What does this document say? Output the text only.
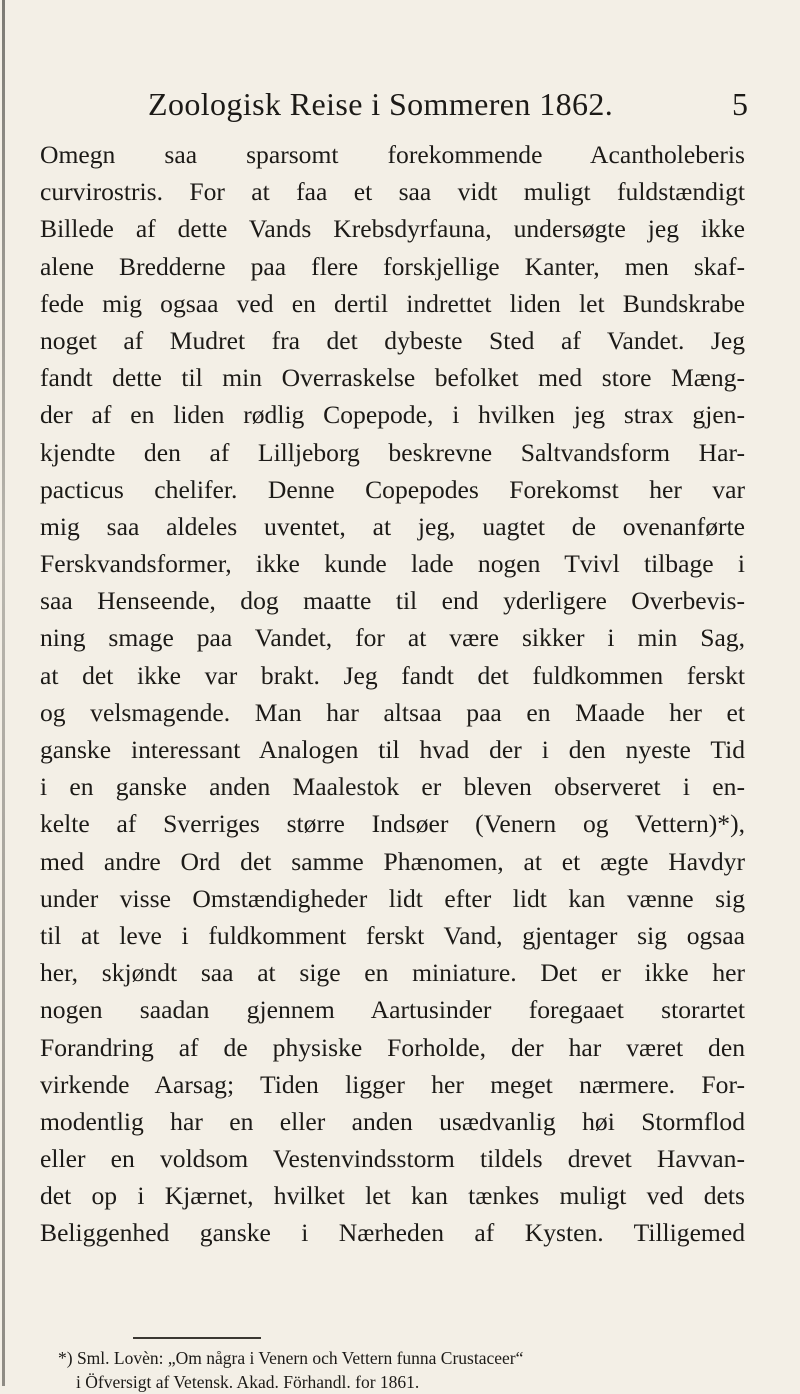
Zoologisk Reise i Sommeren 1862.	5
Omegn saa sparsomt forekommende Acantholeberis
curvirostris. For at faa et saa vidt muligt fuldstændigt
Billede af dette Vands Krebsdyrfauna, undersøgte jeg ikke
alene Bredderne paa flere forskjellige Kanter, men skaf-
fede mig ogsaa ved en dertil indrettet liden let Bundskrabe
noget af Mudret fra det dybeste Sted af Vandet. Jeg
fandt dette til min Overraskelse befolket med store Mæng-
der af en liden rødlig Copepode, i hvilken jeg strax gjen-
kjendte den af Lilljeborg beskrevne Saltvandsform Har-
pacticus chelifer. Denne Copepodes Forekomst her var
mig saa aldeles uventet, at jeg, uagtet de ovenanførte
Ferskvandsformer, ikke kunde lade nogen Tvivl tilbage i
saa Henseende, dog maatte til end yderligere Overbevis-
ning smage paa Vandet, for at være sikker i min Sag,
at det ikke var brakt. Jeg fandt det fuldkommen ferskt
og velsmagende. Man har altsaa paa en Maade her et
ganske interessant Analogen til hvad der i den nyeste Tid
i en ganske anden Maalestok er bleven observeret i en-
kelte af Sverriges større Indsøer (Venern og Vettern)*),
med andre Ord det samme Phænomen, at et ægte Havdyr
under visse Omstændigheder lidt efter lidt kan vænne sig
til at leve i fuldkomment ferskt Vand, gjentager sig ogsaa
her, skjøndt saa at sige en miniature. Det er ikke her
nogen saadan gjennem Aartusinder foregaaet storartet
Forandring af de physiske Forholde, der har været den
virkende Aarsag; Tiden ligger her meget nærmere. For-
modentlig har en eller anden usædvanlig høi Stormflod
eller en voldsom Vestenvindsstorm tildels drevet Havvan-
det op i Kjærnet, hvilket let kan tænkes muligt ved dets
Beliggenhed ganske i Nærheden af Kysten. Tilligemed
*) Sml. Lovèn: „Om några i Venern och Vettern funna Crustaceer“
i Öfversigt af Vetensk. Akad. Förhandl. for 1861.
